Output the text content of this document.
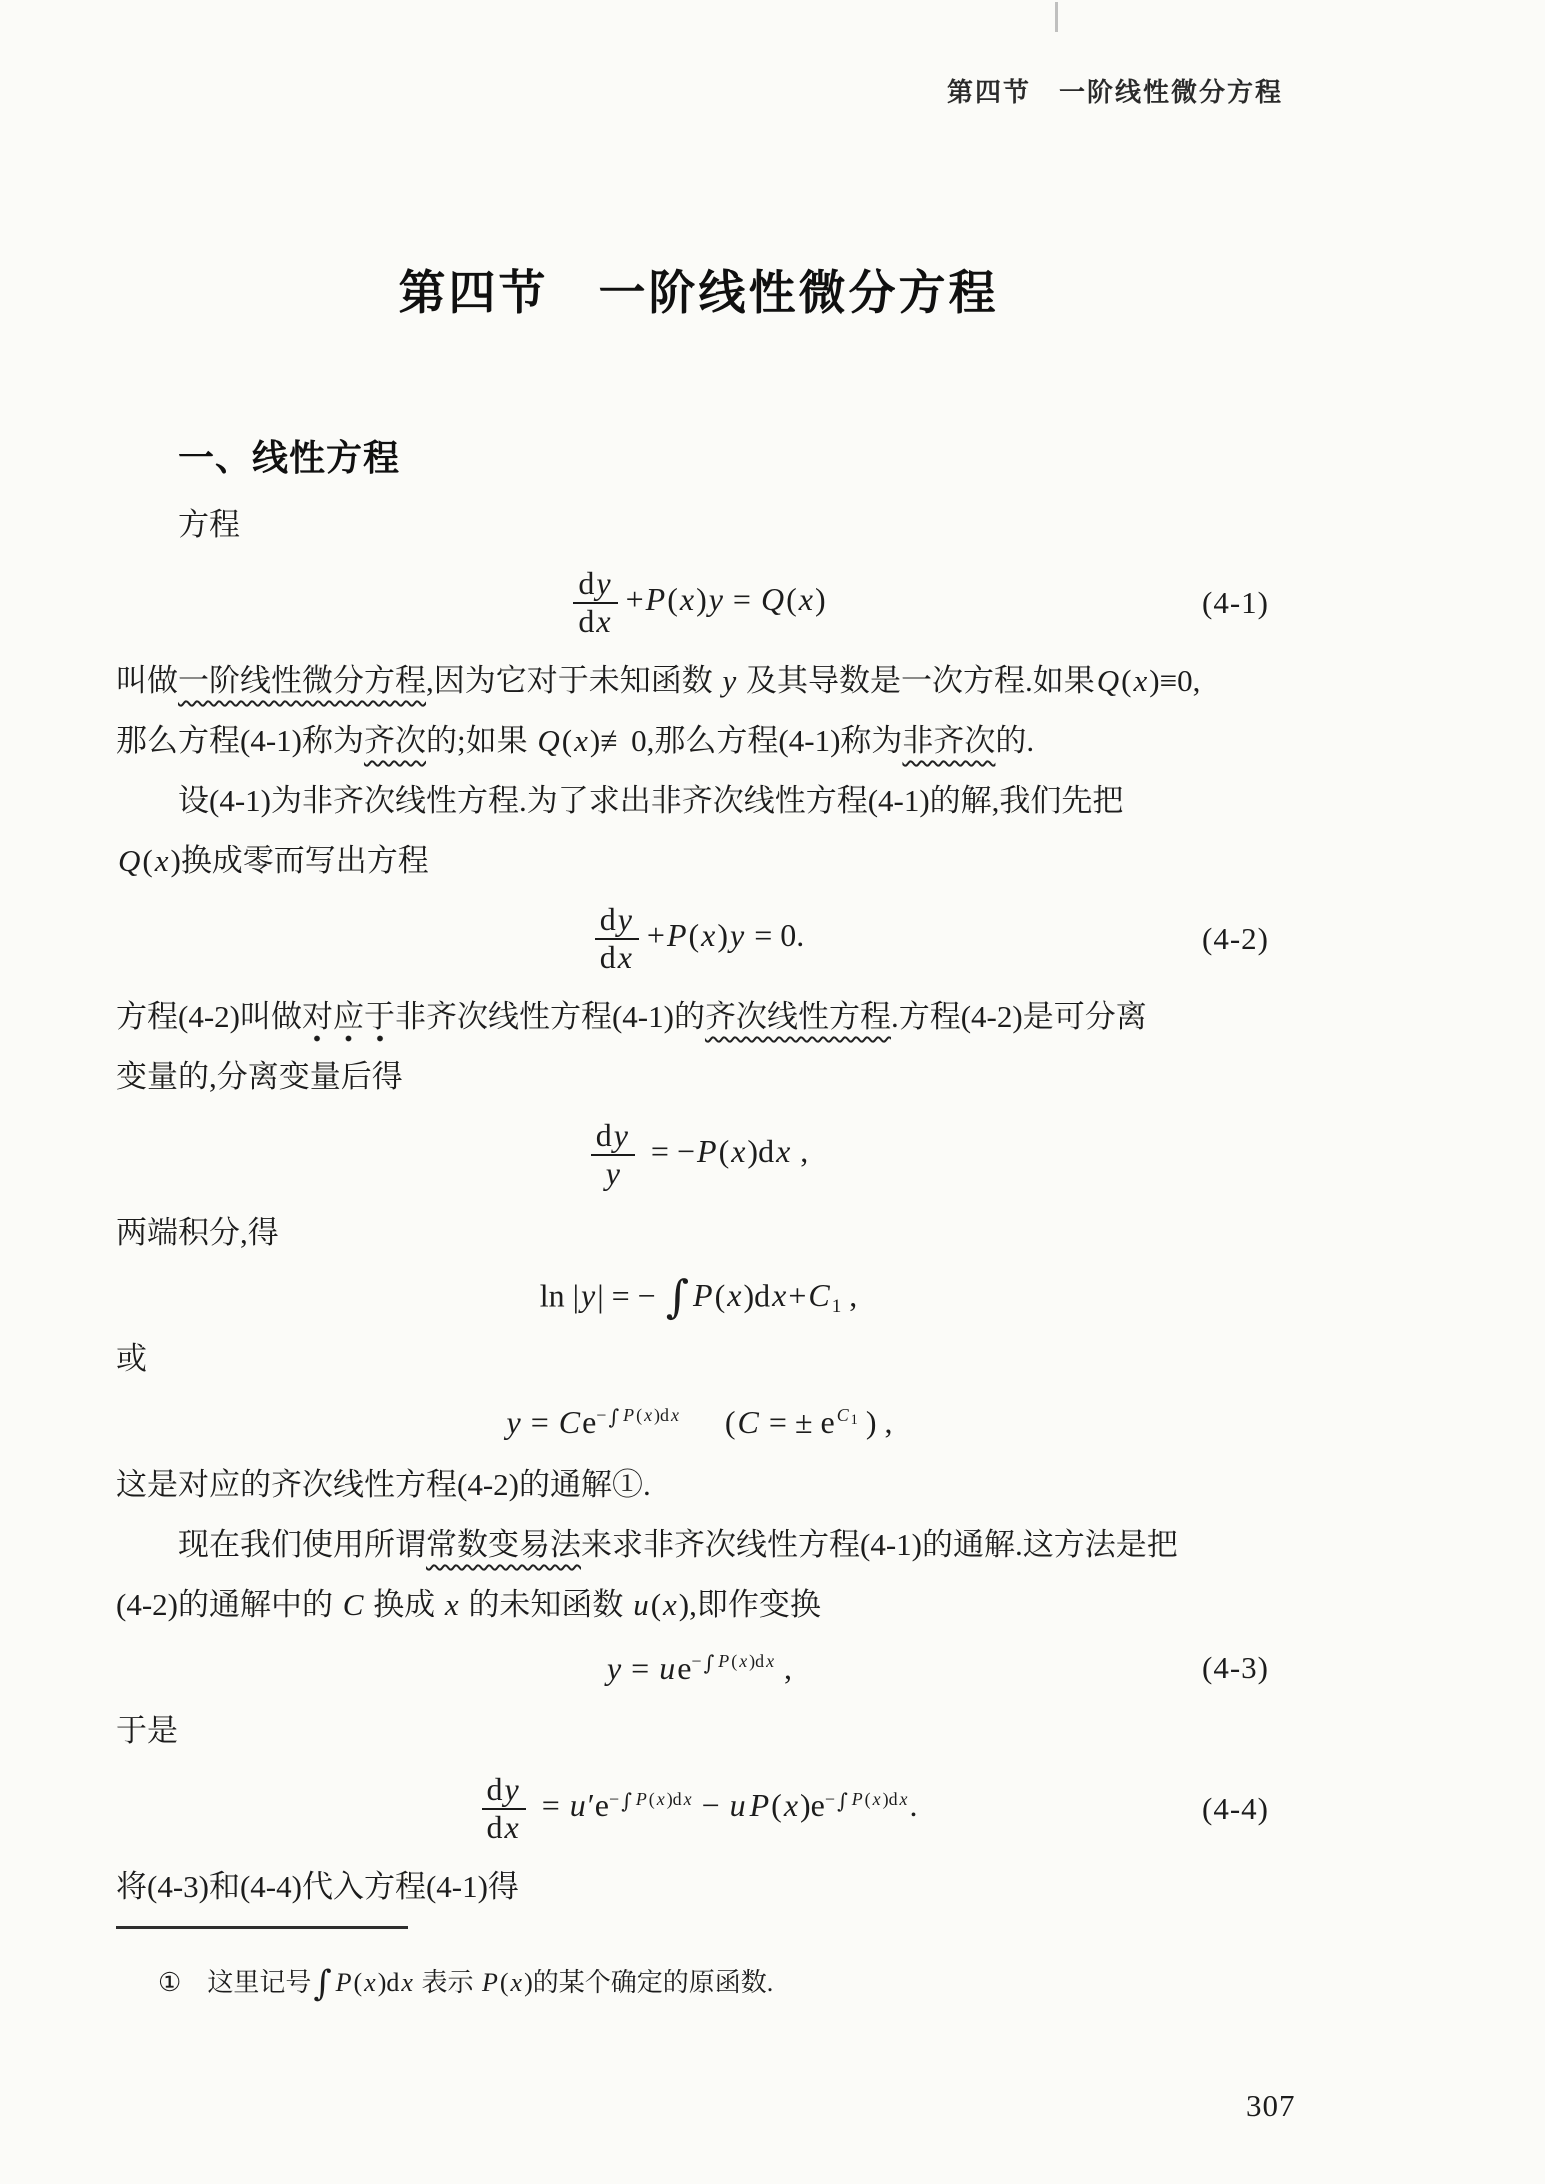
第四节　一阶线性微分方程
第四节　一阶线性微分方程
一、线性方程
方程
$\frac{dy}{dx} +P(x)y = Q(x)$	(4-1)
叫做一阶线性微分方程,因为它对于未知函数 y 及其导数是一次方程.如果Q(x)≡0,
那么方程(4-1)称为齐次的;如果 Q(x)≢0,那么方程(4-1)称为非齐次的.
设(4-1)为非齐次线性方程.为了求出非齐次线性方程(4-1)的解,我们先把
Q(x)换成零而写出方程
$\frac{dy}{dx} +P(x)y = 0$.	(4-2)
方程(4-2)叫做对应于非齐次线性方程(4-1)的齐次线性方程.方程(4-2)是可分离
变量的,分离变量后得
$\frac{dy}{y} = -P(x)dx$ ,
两端积分,得
ln |y| = − ∫ P(x)dx+C $_1$ ,
或
$y = Ce^{-\int P ( x )d x}$ (C = ± e $^{C 1}$ ) ,
这是对应的齐次线性方程(4-2)的通解①.
现在我们使用所谓常数变易法来求非齐次线性方程(4-1)的通解.这方法是把
(4-2)的通解中的 C 换成 x 的未知函数 u(x),即作变换
$y = ue^{-\int P ( x )d x}$ ,	(4-3)
于是
$\frac{dy}{dx} = u'e^{-\int P ( x )d x} - u$ $P(x)e^{-\int P ( x )d x}$.	(4-4)
将(4-3)和(4-4)代入方程(4-1)得
① 这里记号∫ P(x)dx 表示 P(x)的某个确定的原函数.
307
